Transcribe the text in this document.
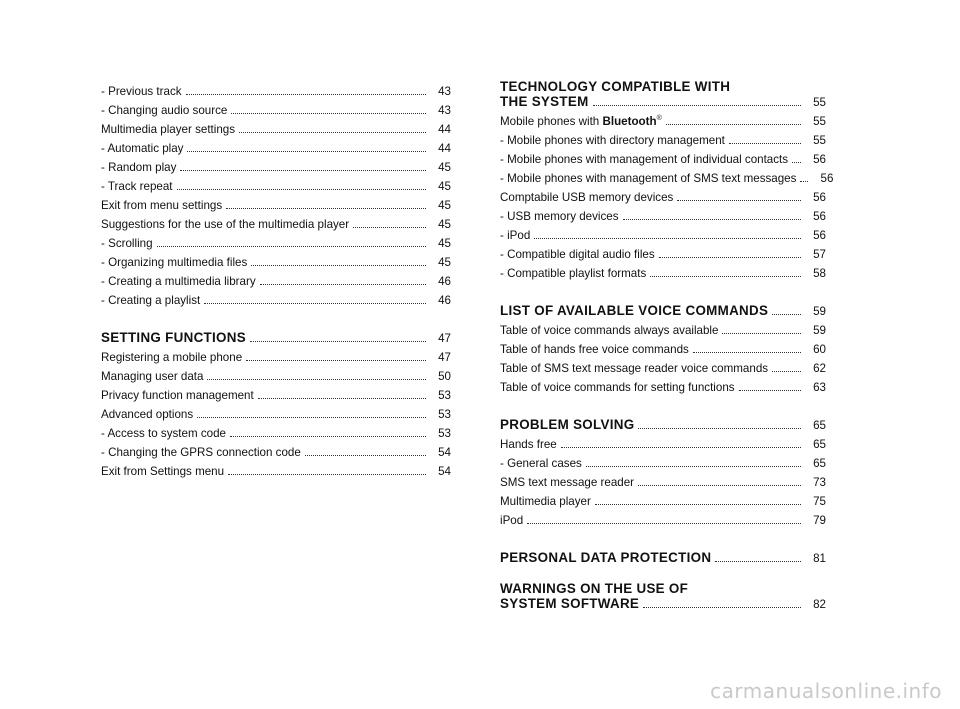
- Previous track	43
- Changing audio source	43
Multimedia player settings	44
- Automatic play	44
- Random play	45
- Track repeat	45
Exit from menu settings	45
Suggestions for the use of the multimedia player	45
- Scrolling	45
- Organizing multimedia files	45
- Creating a multimedia library	46
- Creating a playlist	46
SETTING FUNCTIONS	47
Registering a mobile phone	47
Managing user data	50
Privacy function management	53
Advanced options	53
- Access to system code	53
- Changing the GPRS connection code	54
Exit from Settings menu	54
TECHNOLOGY COMPATIBLE WITH
THE SYSTEM	55
Mobile phones with Bluetooth®	55
- Mobile phones with directory management	55
- Mobile phones with management of individual contacts	56
- Mobile phones with management of SMS text messages	56
Comptabile USB memory devices	56
- USB memory devices	56
- iPod	56
- Compatible digital audio files	57
- Compatible playlist formats	58
LIST OF AVAILABLE VOICE COMMANDS	59
Table of voice commands always available	59
Table of hands free voice commands	60
Table of SMS text message reader voice commands	62
Table of voice commands for setting functions	63
PROBLEM SOLVING	65
Hands free	65
- General cases	65
SMS text message reader	73
Multimedia player	75
iPod	79
PERSONAL DATA PROTECTION	81
WARNINGS ON THE USE OF
SYSTEM SOFTWARE	82
carmanualsonline.info
